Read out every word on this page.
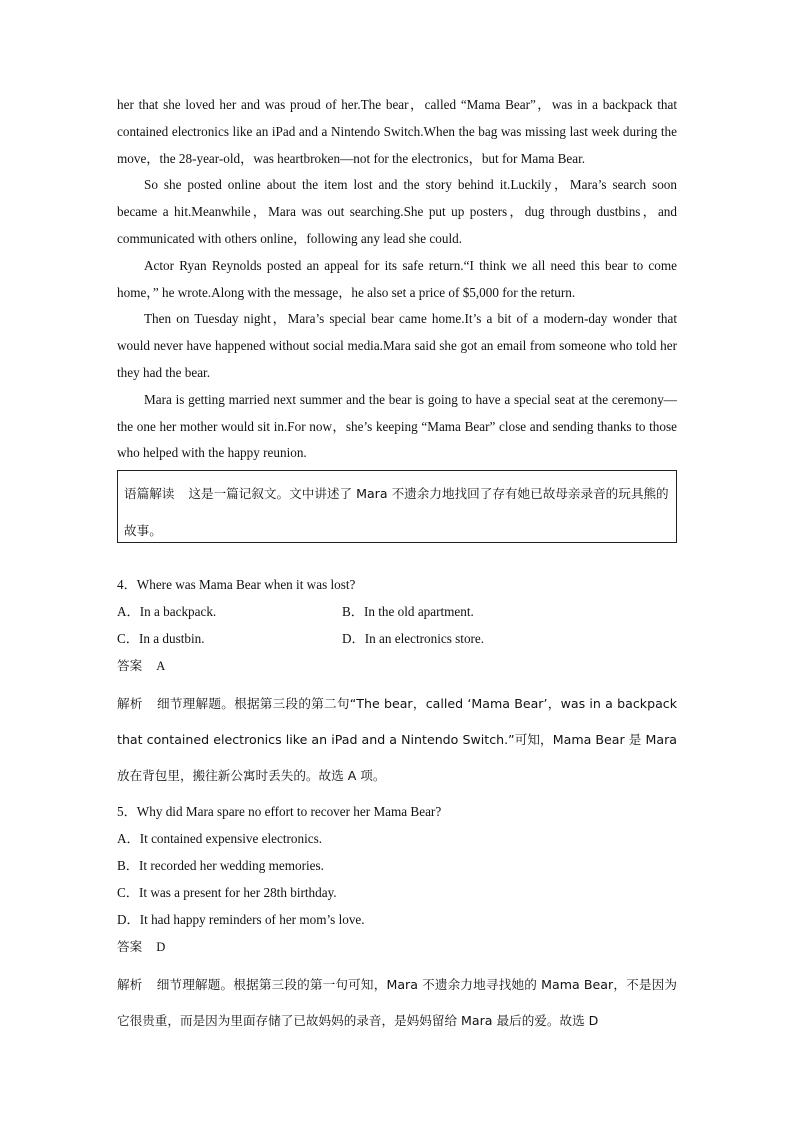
her that she loved her and was proud of her.The bear，called “Mama Bear”，was in a backpack that contained electronics like an iPad and a Nintendo Switch.When the bag was missing last week during the move，the 28-year-old，was heartbroken—not for the electronics，but for Mama Bear.

So she posted online about the item lost and the story behind it.Luckily，Mara’s search soon became a hit.Meanwhile，Mara was out searching.She put up posters，dug through dustbins，and communicated with others online，following any lead she could.

Actor Ryan Reynolds posted an appeal for its safe return.“I think we all need this bear to come home，” he wrote.Along with the message，he also set a price of $5,000 for the return.

Then on Tuesday night，Mara’s special bear came home.It’s a bit of a modern-day wonder that would never have happened without social media.Mara said she got an email from someone who told her they had the bear.

Mara is getting married next summer and the bear is going to have a special seat at the ceremony—the one her mother would sit in.For now，she’s keeping “Mama Bear” close and sending thanks to those who helped with the happy reunion.

语篇解读 这是一篇记叙文。文中讲述了 Mara 不遗余力地找回了存有她已故母亲录音的玩具熊的故事。

4．Where was Mama Bear when it was lost?

A．In a backpack.	B．In the old apartment.
C．In a dustbin.	D．In an electronics store.

答案 A

解析 细节理解题。根据第三段的第二句“The bear，called ‘Mama Bear’，was in a backpack that contained electronics like an iPad and a Nintendo Switch.”可知，Mama Bear 是 Mara 放在背包里，搬往新公寓时丢失的。故选 A 项。

5．Why did Mara spare no effort to recover her Mama Bear?

A．It contained expensive electronics.

B．It recorded her wedding memories.

C．It was a present for her 28th birthday.

D．It had happy reminders of her mom’s love.

答案 D

解析 细节理解题。根据第三段的第一句可知，Mara 不遗余力地寻找她的 Mama Bear，不是因为它很贵重，而是因为里面存储了已故妈妈的录音，是妈妈留给 Mara 最后的爱。故选 D
